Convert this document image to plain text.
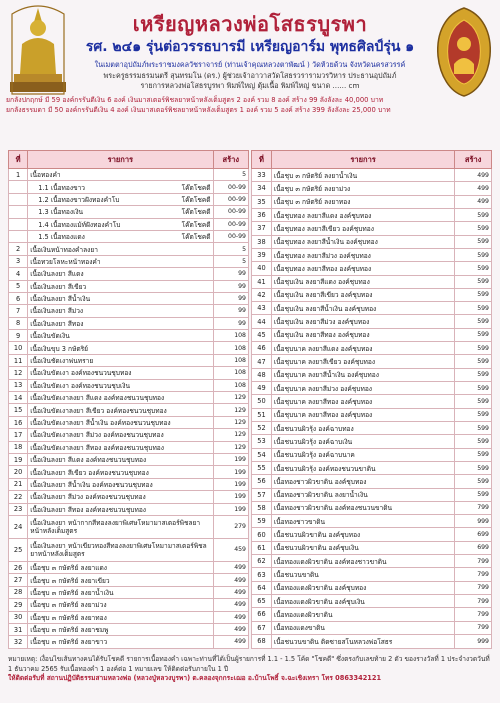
เหรียญหลวงพ่อโสธรบูรพา
รศ. ๒๔๑ รุ่นต่อวรรธบารมี เหรียญอาร์ม พุทธศิลป์รุ่น ๑
ในเมตตาอุปถัมภ์พระราชมงคลวัชราจารย์ (ท่านเจ้าคุณหลวงตาพัฒน์ ) วัดห้วยด้วน จังหวัดนครสวรรค์
พระครูธรรมธรมนตรี สุนทรมโน (ดร.) ผู้ช่วยเจ้าอาวาสวัดโสธรวรารามวรวิหาร ประธานอุปถัมภ์
รายการหลวงพ่อโสธรบูรพา พิมพ์ใหญ่ ตุ้มเนื้อ พิมพ์ใหญ่ ขนาด ...... cm
ยกลังปกฤกษ์ มี 59 องค์กรรันตีเงิน 6 องค์ เงินมาสเตอร์พิชลยาหน้าหลังเต็มสูตร 2 องค์ รวม 8 องค์ สร้าง 99 ลังลังละ 40,000 บาท
ยกลังธรรมดา มี 50 องค์กรรันตีเงิน 4 องค์ เงินมาสเตอร์พิชลยาหน้าหลังเต็มสูตร 1 องค์ รวม 5 องค์ สร้าง 399 ลังลังละ 25,000 บาท
ที่	รายการ	สร้าง
1	เนื้อทองคำ	5
	1.1 เนื้อทองขาว โค๊ตโชคดี	00-99
	1.2 เนื้อทองขาวฝังทองคำโบ โค๊ตโชคดี	00-99
	1.3 เนื้อทองเงิน โค๊ตโชคดี	00-99
	1.4 เนื้อทองแม้ท์ฝังทองคำโบ โค๊ตโชคดี	00-99
	1.5 เนื้อทองแดง โค๊ตโชคดี	00-99
2	เนื้อเงินหน้าทองคำลงยา	5
3	เนื้อทวยโลหะหน้าทองคำ	5
4	เนื้อเงินลงยา สีแดง	99
5	เนื้อเงินลงยา สีเขียว	99
6	เนื้อเงินลงยา สีน้ำเงิน	99
7	เนื้อเงินลงยา สีม่วง	99
8	เนื้อเงินลงยา สีทอง	99
9	เนื้อเงินขัดเงิน	108
10	เนื้อเงินขุบ 3 กษัตริย์	108
11	เนื้อเงินชัดเงาพ่นทราย	108
12	เนื้อเงินขัดเงา องค์ทองชนวนชุบทอง	108
13	เนื้อเงินขัดเงา องค์ทองชนวนชุบเงิน	108
14	เนื้อเงินขัดเงาลงยา สีแดง องค์ทองชนวนชุบทอง	129
15	เนื้อเงินขัดเงาลงยา สีเขียว องค์ทองชนวนชุบทอง	129
16	เนื้อเงินขัดเงาลงยา สีน้ำเงิน องค์ทองชนวนชุบทอง	129
17	เนื้อเงินขัดเงาลงยา สีม่วง องค์ทองชนวนชุบทอง	129
18	เนื้อเงินขัดเงาลงยา สีทอง องค์ทองชนวนชุบทอง	129
19	เนื้อเงินลงยา สีแดง องค์ทองชนวนชุบทอง	199
20	เนื้อเงินลงยา สีเขียว องค์ทองชนวนชุบทอง	199
21	เนื้อเงินลงยา สีน้ำเงิน องค์ทองชนวนชุบทอง	199
22	เนื้อเงินลงยา สีม่วง องค์ทองชนวนชุบทอง	199
23	เนื้อเงินลงยา สีทอง องค์ทองชนวนชุบทอง	199
24	เนื้อเงินลงยา หน้ากากสีทองลงยาพิเศษโหมามาสเตอร์พิชลยาหน้าหลังเต็มสูตร	279
25	เนื้อเงินลงยา หน้าเขียวทองสีทองลงยาพิเศษโหมามาสเตอร์พิชลยาหน้าหลังเต็มสูตร	459
26	เนื้อชุบ ๓ กษัตริย์ ลงยาแดง	499
27	เนื้อชุบ ๓ กษัตริย์ ลงยาเขียว	499
28	เนื้อชุบ ๓ กษัตริย์ ลงยาน้ำเงิน	499
29	เนื้อชุบ ๓ กษัตริย์ ลงยาม่วง	499
30	เนื้อชุบ ๓ กษัตริย์ ลงยาทอง	499
31	เนื้อชุบ ๓ กษัตริย์ ลงยาชมพู	499
32	เนื้อชุบ ๓ กษัตริย์ ลงยาขาว	499
ที่	รายการ	สร้าง
33	เนื้อชุบ ๓ กษัตริย์ ลงยาน้ำเงิน	499
34	เนื้อชุบ ๓ กษัตริย์ ลงยาม่วง	499
35	เนื้อชุบ ๓ กษัตริย์ ลงยาทอง	499
36	เนื้อชุบทอง ลงยาสีแดง องค์ชุบทอง	599
37	เนื้อชุบทอง ลงยาสีเขียว องค์ชุบทอง	599
38	เนื้อชุบทอง ลงยาสีน้ำเงิน องค์ชุบทอง	599
39	เนื้อชุบทอง ลงยาสีม่วง องค์ชุบทอง	599
40	เนื้อชุบทอง ลงยาสีทอง องค์ชุบทอง	599
41	เนื้อชุบเงิน ลงยาสีแดง องค์ชุบทอง	599
42	เนื้อชุบเงิน ลงยาสีเขียว องค์ชุบทอง	599
43	เนื้อชุบเงิน ลงยาสีน้ำเงิน องค์ชุบทอง	599
44	เนื้อชุบเงิน ลงยาสีม่วง องค์ชุบทอง	599
45	เนื้อชุบเงิน ลงยาสีทอง องค์ชุบทอง	599
46	เนื้อชุบนาค ลงยาสีแดง องค์ชุบทอง	599
47	เนื้อชุบนาค ลงยาสีเขียว องค์ชุบทอง	599
48	เนื้อชุบนาค ลงยาสีน้ำเงิน องค์ชุบทอง	599
49	เนื้อชุบนาค ลงยาสีม่วง องค์ชุบทอง	599
50	เนื้อชุบนาค ลงยาสีทอง องค์ชุบทอง	599
51	เนื้อชุบนาค ลงยาสีทอง องค์ชุบทอง	599
52	เนื้อชนวนผิวรุ้ง องค์ฉาบทอง	599
53	เนื้อชนวนผิวรุ้ง องค์ฉาบเงิน	599
54	เนื้อชนวนผิวรุ้ง องค์ฉาบนาค	599
55	เนื้อชนวนผิวรุ้ง องค์ทองชนวนขาดิน	599
56	เนื้อทองชาวผิวขาดิน องค์ชุบทอง	599
57	เนื้อทองชาวผิวขาดิน ลงยาน้ำเงิน	599
58	เนื้อทองชาวผิวขาดิน องค์ทองชนวนขาดิน	799
59	เนื้อทองชาวขาดิน	999
60	เนื้อชนวนผิวขาดิน องค์ชุบทอง	699
61	เนื้อชนวนผิวขาดิน องค์ชุบเงิน	699
62	เนื้อทองแดงผิวขาดิน องค์ทองชาวขาดิน	799
63	เนื้อชนวนขาดิน	799
64	เนื้อทองแดงผิวขาดิน องค์ชุบทอง	799
65	เนื้อทองแดงผิวขาดิน องค์ชุบเงิน	799
66	เนื้อทองแดงผิวขาดิน	799
67	เนื้อทองแดงขาดิน	799
68	เนื้อชนวนขาดิน ติดซายสโนหลวงพ่อโสธร	999
หมายเหตุ: เงื่อนไขเส้นทางคนได้รับโชคดี รายการเนื้อทองคำ เฉพาะท่านที่ได้เป็นผู้รายการที่ 1.1 - 1.5 โค้ด "โชคดี" ซึ่งตรงกับเลขท้าย 2 ตัว ของรางวัลที่ 1 ประจำงวดวันที่ 1 ธันวาคม 2565 รับเนื้อทองคำ 1 องค์ต่อ 1 หมายเลข ให้ติดต่อรับภายใน 1 ปี
ให้ติดต่อรับที่ สถานปฏิบัติธรรมสามหลวงพ่อ (หลวงปู่หลวงบูรพา) ต.คลองจุกกระเฌอ อ.บ้านโพธิ์ จ.ฉะเชิงเทรา โทร 0863342121
